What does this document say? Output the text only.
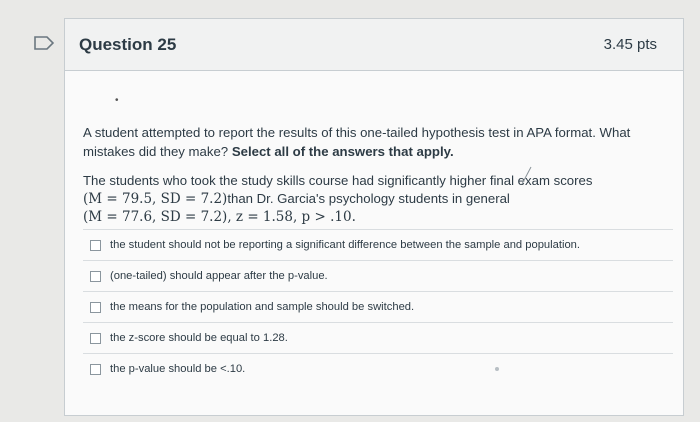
Question 25	3.45 pts
•
A student attempted to report the results of this one-tailed hypothesis test in APA format. What mistakes did they make? Select all of the answers that apply.
The students who took the study skills course had significantly higher final exam scores
(M = 79.5, SD = 7.2)than Dr. Garcia's psychology students in general
(M = 77.6, SD = 7.2), z = 1.58, p > .10.
the student should not be reporting a significant difference between the sample and population.
(one-tailed) should appear after the p-value.
the means for the population and sample should be switched.
the z-score should be equal to 1.28.
the p-value should be <.10.
